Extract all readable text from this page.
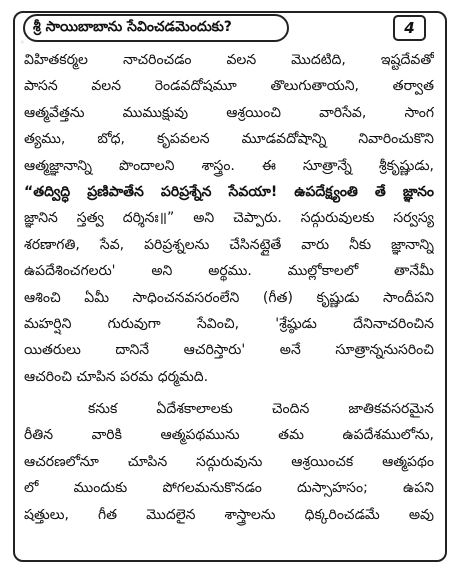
◦
శ్రీ సాయిబాబాను సేవించడమెందుకు?	4
విహితకర్మల నాచరించడం వలన మొదటిది, ఇష్టదేవతో
పాసన వలన రెండవదోషమూ తొలుగుతాయని, తర్వాత
ఆత్మవేత్తను ముముక్షువు ఆశ్రయించి వారిసేవ, సాంగ
త్యము, బోధ, కృపవలన మూడవదోషాన్ని నివారించుకొని
ఆత్మజ్ఞానాన్ని పొందాలని శాస్త్రం. ఈ సూత్రాన్నే శ్రీకృష్ణుడు,
“తద్విద్ధి ప్రణిపాతేన పరిప్రశ్నేన సేవయా! ఉపదేక్ష్యంతి తే జ్ఞానం
జ్ఞానిన స్తత్వ దర్శినః॥” అని చెప్పారు. సద్గురువులకు సర్వస్య
శరణాగతి, సేవ, పరిప్రశ్నలను చేసినట్లైతే వారు నీకు జ్ఞానాన్ని
ఉపదేశించగలరు' అని అర్థము. ముల్లోకాలలో తానేమీ
ఆశించి ఏమీ సాధించనవసరంలేని (గీత) కృష్ణుడు సాందీపని
మహర్షిని గురువుగా సేవించి, 'శ్రేష్ఠుడు దేనినాచరించిన
యితరులు దానినే ఆచరిస్తారు' అనే సూత్రాన్ననుసరించి
ఆచరించి చూపిన పరమ ధర్మమది.
కనుక ఏదేశకాలాలకు చెందిన జాతికవసరమైన
రీతిన వారికి ఆత్మపథమును తమ ఉపదేశములోను,
ఆచరణలోనూ చూపిన సద్గురువును ఆశ్రయించక ఆత్మపథం
లో ముందుకు పోగలమనుకొనడం దుస్సాహసం; ఉపని
షత్తులు, గీత మొదలైన శాస్త్రాలను ధిక్కరించడమే అవు
